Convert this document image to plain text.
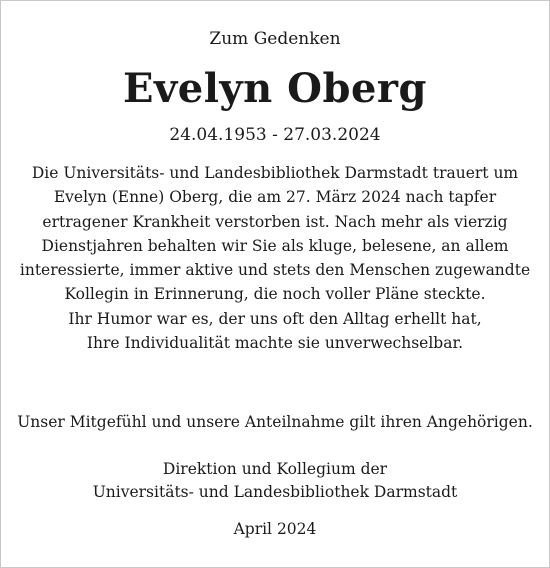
Zum Gedenken
Evelyn Oberg
24.04.1953 - 27.03.2024
Die Universitäts- und Landesbibliothek Darmstadt trauert um
Evelyn (Enne) Oberg, die am 27. März 2024 nach tapfer
ertragener Krankheit verstorben ist. Nach mehr als vierzig
Dienstjahren behalten wir Sie als kluge, belesene, an allem
interessierte, immer aktive und stets den Menschen zugewandte
Kollegin in Erinnerung, die noch voller Pläne steckte.
Ihr Humor war es, der uns oft den Alltag erhellt hat,
Ihre Individualität machte sie unverwechselbar.
Unser Mitgefühl und unsere Anteilnahme gilt ihren Angehörigen.
Direktion und Kollegium der
Universitäts- und Landesbibliothek Darmstadt
April 2024
